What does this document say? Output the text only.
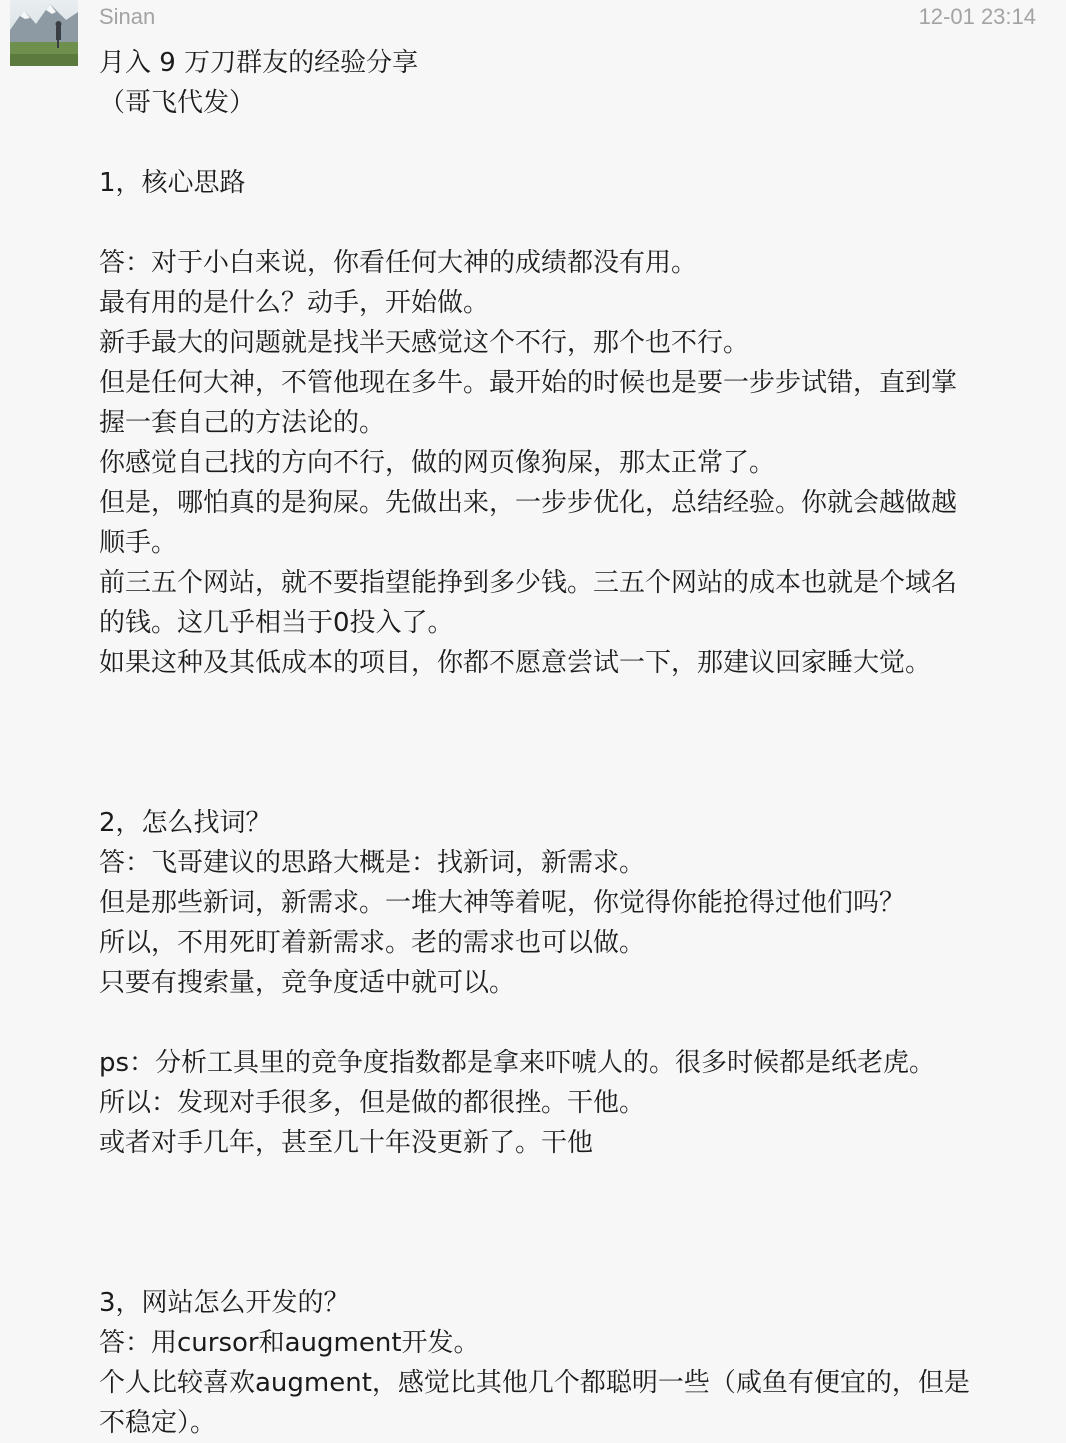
Sinan	12-01 23:14
月入 9 万刀群友的经验分享
（哥飞代发）
1，核心思路
答：对于小白来说，你看任何大神的成绩都没有用。
最有用的是什么？动手，开始做。
新手最大的问题就是找半天感觉这个不行，那个也不行。
但是任何大神，不管他现在多牛。最开始的时候也是要一步步试错，直到掌
握一套自己的方法论的。
你感觉自己找的方向不行，做的网页像狗屎，那太正常了。
但是，哪怕真的是狗屎。先做出来，一步步优化，总结经验。你就会越做越
顺手。
前三五个网站，就不要指望能挣到多少钱。三五个网站的成本也就是个域名
的钱。这几乎相当于0投入了。
如果这种及其低成本的项目，你都不愿意尝试一下，那建议回家睡大觉。
2，怎么找词？
答：飞哥建议的思路大概是：找新词，新需求。
但是那些新词，新需求。一堆大神等着呢，你觉得你能抢得过他们吗？
所以，不用死盯着新需求。老的需求也可以做。
只要有搜索量，竞争度适中就可以。
ps：分析工具里的竞争度指数都是拿来吓唬人的。很多时候都是纸老虎。
所以：发现对手很多，但是做的都很挫。干他。
或者对手几年，甚至几十年没更新了。干他
3，网站怎么开发的？
答：用cursor和augment开发。
个人比较喜欢augment，感觉比其他几个都聪明一些（咸鱼有便宜的，但是
不稳定）。
